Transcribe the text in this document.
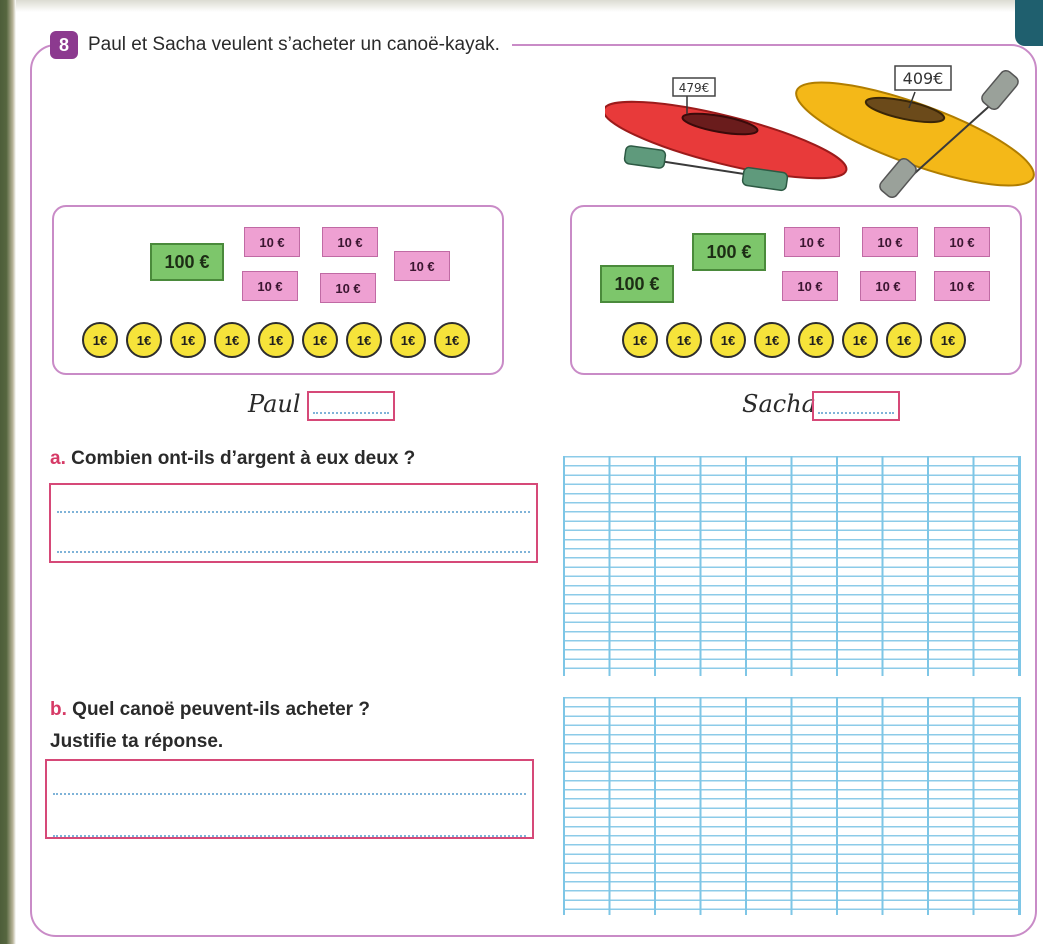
8	Paul et Sacha veulent s’acheter un canoë-kayak.
479€	409€
100 €
10 €	10 €
10 €	10 €
10 €
1€	1€	1€	1€	1€	1€	1€	1€	1€
100 €
100 €	10 €	10 €	10 €
10 €	10 €	10 €
1€	1€	1€	1€	1€	1€	1€	1€
Paul	Sacha
a. Combien ont-ils d’argent à eux deux ?
b. Quel canoë peuvent-ils acheter ?
Justifie ta réponse.
